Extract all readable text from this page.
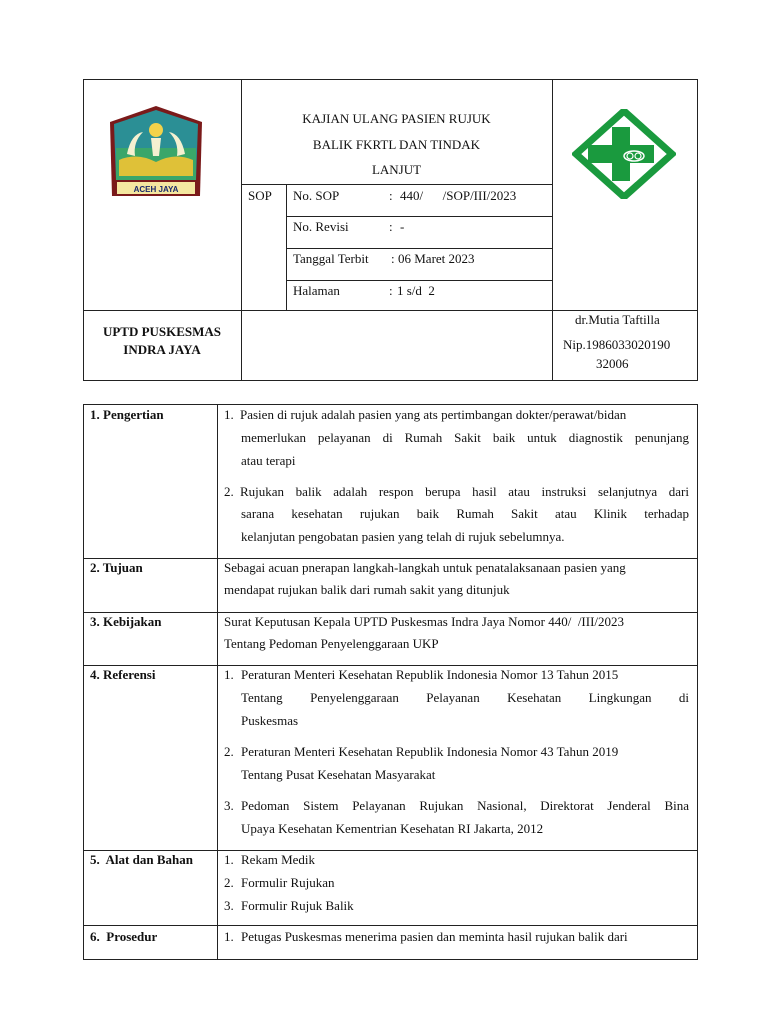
ACEH JAYA
KAJIAN ULANG PASIEN RUJUK
BALIK FKRTL DAN TINDAK
LANJUT
SOP No. SOP	: 440/      /SOP/III/2023
No. Revisi	: -
Tanggal Terbit : 06 Maret 2023
Halaman	: 1 s/d  2
UPTD PUSKESMAS
INDRA JAYA
dr.Mutia Taftilla
Nip.1986033020190
32006
1. Pengertian	1. Pasien di rujuk adalah pasien yang ats pertimbangan dokter/perawat/bidan
memerlukan pelayanan di Rumah Sakit baik untuk diagnostik penunjang
atau terapi
2. Rujukan balik adalah respon berupa hasil atau instruksi selanjutnya dari
sarana kesehatan rujukan baik Rumah Sakit atau Klinik terhadap
kelanjutan pengobatan pasien yang telah di rujuk sebelumnya.
2. Tujuan	Sebagai acuan pnerapan langkah-langkah untuk penatalaksanaan pasien yang
mendapat rujukan balik dari rumah sakit yang ditunjuk
3. Kebijakan	Surat Keputusan Kepala UPTD Puskesmas Indra Jaya Nomor 440/  /III/2023
Tentang Pedoman Penyelenggaraan UKP
4. Referensi	1. Peraturan Menteri Kesehatan Republik Indonesia Nomor 13 Tahun 2015
Tentang Penyelenggaraan Pelayanan Kesehatan Lingkungan di
Puskesmas
2. Peraturan Menteri Kesehatan Republik Indonesia Nomor 43 Tahun 2019
Tentang Pusat Kesehatan Masyarakat
3. Pedoman Sistem Pelayanan Rujukan Nasional, Direktorat Jenderal Bina
Upaya Kesehatan Kementrian Kesehatan RI Jakarta, 2012
5.  Alat dan Bahan 1. Rekam Medik
2. Formulir Rujukan
3. Formulir Rujuk Balik
6.  Prosedur	1. Petugas Puskesmas menerima pasien dan meminta hasil rujukan balik dari
